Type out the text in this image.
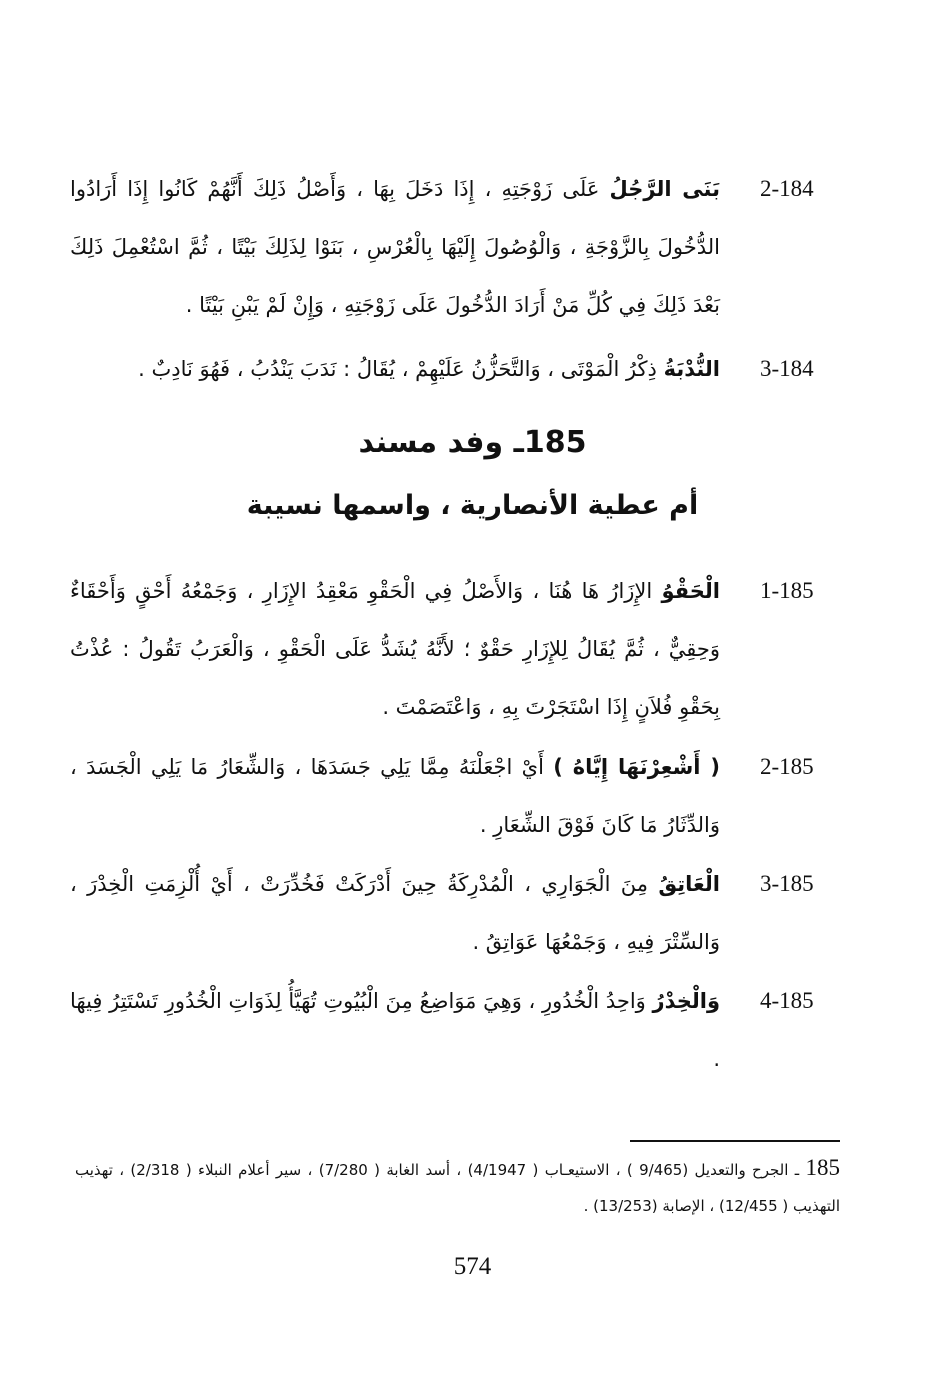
2-184
بَنَى الرَّجُلُ عَلَى زَوْجَتِهِ ، إِذَا دَخَلَ بِهَا ، وَأَصْلُ ذَلِكَ أَنَّهُمْ كَانُوا إِذَا أَرَادُوا الدُّخُولَ بِالزَّوْجَةِ ، وَالْوُصُولَ إِلَيْهَا بِالْعُرْسِ ، بَنَوْا لِذَلِكَ بَيْتًا ، ثُمَّ اسْتُعْمِلَ ذَلِكَ بَعْدَ ذَلِكَ فِي كُلِّ مَنْ أَرَادَ الدُّخُولَ عَلَى زَوْجَتِهِ ، وَإِنْ لَمْ يَبْنِ بَيْتًا .
3-184
النُّدْبَةُ ذِكْرُ الْمَوْتَى ، وَالتَّحَزُّنُ عَلَيْهِمْ ، يُقَالُ : نَدَبَ يَنْدُبُ ، فَهُوَ نَادِبٌ .
185ـ وفد مسند
أم عطية الأنصارية ، واسمها نسيبة
1-185
الْحَقْوُ الإِزَارُ هَا هُنَا ، وَالأَصْلُ فِي الْحَقْوِ مَعْقِدُ الإِزَارِ ، وَجَمْعُهُ أَحْقٍ وَأَحْقَاءٌ وَحِقِيٌّ ، ثُمَّ يُقَالُ لِلإِزَارِ حَقْوٌ ؛ لأَنَّهُ يُشَدُّ عَلَى الْحَقْوِ ، وَالْعَرَبُ تَقُولُ : عُذْتُ بِحَقْوِ فُلاَنٍ إِذَا اسْتَجَرْتَ بِهِ ، وَاعْتَصَمْتَ .
2-185
( أَشْعِرْنَهَا إِيَّاهُ ) أَيْ اجْعَلْنَهُ مِمَّا يَلِي جَسَدَهَا ، وَالشِّعَارُ مَا يَلِي الْجَسَدَ ، وَالدِّثَارُ مَا كَانَ فَوْقَ الشِّعَارِ .
3-185
الْعَاتِقُ مِنَ الْجَوَارِي ، الْمُدْرِكَةُ حِينَ أَدْرَكَتْ فَخُدِّرَتْ ، أَيْ أُلْزِمَتِ الْخِدْرَ ، وَالسِّتْرَ فِيهِ ، وَجَمْعُهَا عَوَاتِقُ .
4-185
وَالْخِدْرُ وَاحِدُ الْخُدُورِ ، وَهِيَ مَوَاضِعُ مِنَ الْبُيُوتِ تُهَيَّأُ لِذَوَاتِ الْخُدُورِ تَسْتَتِرُ فِيهَا .
185 ـ الجرح والتعديل (9/465 ) ، الاستيعـاب ( 4/1947) ، أسد الغابة ( 7/280) ، سير أعلام النبلاء ( 2/318) ، تهذيب التهذيب ( 12/455) ، الإصابة (13/253) .
574
